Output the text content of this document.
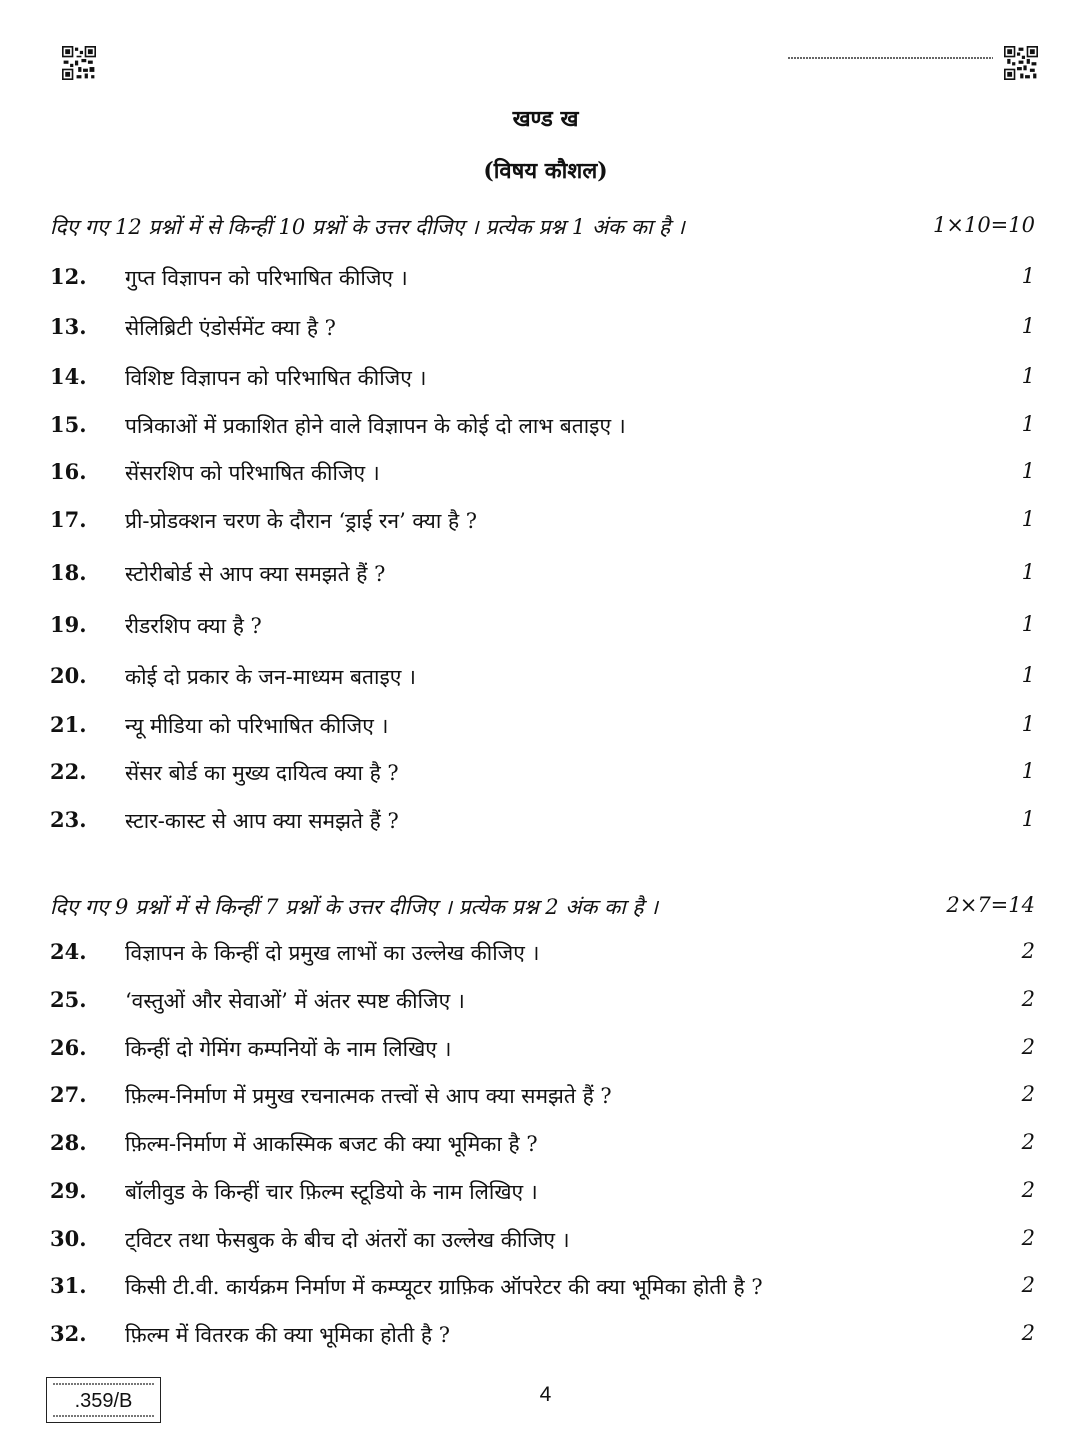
खण्ड ख
(विषय कौशल)
दिए गए 12 प्रश्नों में से किन्हीं 10 प्रश्नों के उत्तर दीजिए । प्रत्येक प्रश्न 1 अंक का है ।	1×10=10
12. गुप्त विज्ञापन को परिभाषित कीजिए ।	1
13. सेलिब्रिटी एंडोर्समेंट क्या है ?	1
14. विशिष्ट विज्ञापन को परिभाषित कीजिए ।	1
15. पत्रिकाओं में प्रकाशित होने वाले विज्ञापन के कोई दो लाभ बताइए ।	1
16. सेंसरशिप को परिभाषित कीजिए ।	1
17. प्री-प्रोडक्शन चरण के दौरान ‘ड्राई रन’ क्या है ?	1
18. स्टोरीबोर्ड से आप क्या समझते हैं ?	1
19. रीडरशिप क्या है ?	1
20. कोई दो प्रकार के जन-माध्यम बताइए ।	1
21. न्यू मीडिया को परिभाषित कीजिए ।	1
22. सेंसर बोर्ड का मुख्य दायित्व क्या है ?	1
23. स्टार-कास्ट से आप क्या समझते हैं ?	1
दिए गए 9 प्रश्नों में से किन्हीं 7 प्रश्नों के उत्तर दीजिए । प्रत्येक प्रश्न 2 अंक का है ।	2×7=14
24. विज्ञापन के किन्हीं दो प्रमुख लाभों का उल्लेख कीजिए ।	2
25. ‘वस्तुओं और सेवाओं’ में अंतर स्पष्ट कीजिए ।	2
26. किन्हीं दो गेमिंग कम्पनियों के नाम लिखिए ।	2
27. फ़िल्म-निर्माण में प्रमुख रचनात्मक तत्त्वों से आप क्या समझते हैं ?	2
28. फ़िल्म-निर्माण में आकस्मिक बजट की क्या भूमिका है ?	2
29. बॉलीवुड के किन्हीं चार फ़िल्म स्टूडियो के नाम लिखिए ।	2
30. ट्विटर तथा फेसबुक के बीच दो अंतरों का उल्लेख कीजिए ।	2
31. किसी टी.वी. कार्यक्रम निर्माण में कम्प्यूटर ग्राफ़िक ऑपरेटर की क्या भूमिका होती है ?	2
32. फ़िल्म में वितरक की क्या भूमिका होती है ?	2
.359/B	4
